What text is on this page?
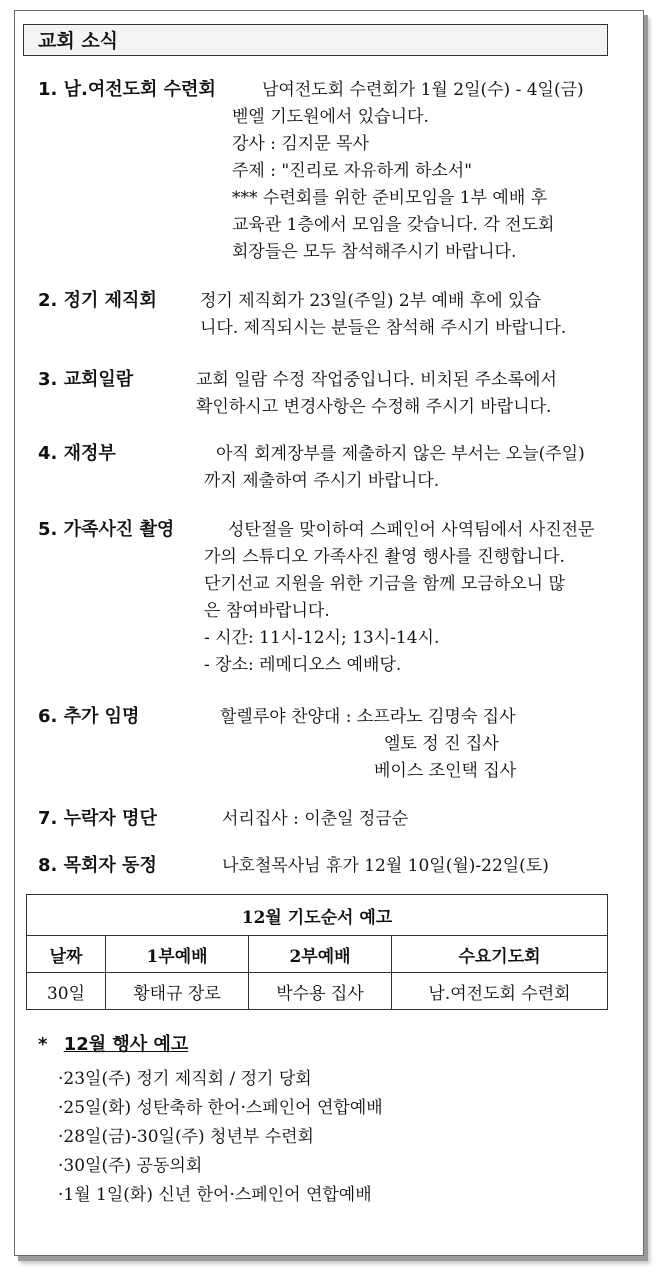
교회 소식
1. 남.여전도회 수련회	남여전도회 수련회가 1월 2일(수) - 4일(금)
벧엘 기도원에서 있습니다.
강사 : 김지문 목사
주제 : "진리로 자유하게 하소서"
*** 수련회를 위한 준비모임을 1부 예배 후
교육관 1층에서 모임을 갖습니다. 각 전도회
회장들은 모두 참석해주시기 바랍니다.
2. 정기 제직회	정기 제직회가 23일(주일) 2부 예배 후에 있습
니다. 제직되시는 분들은 참석해 주시기 바랍니다.
3. 교회일람	교회 일람 수정 작업중입니다. 비치된 주소록에서
확인하시고 변경사항은 수정해 주시기 바랍니다.
4. 재정부	아직 회계장부를 제출하지 않은 부서는 오늘(주일)
까지 제출하여 주시기 바랍니다.
5. 가족사진 촬영	성탄절을 맞이하여 스페인어 사역팀에서 사진전문
가의 스튜디오 가족사진 촬영 행사를 진행합니다.
단기선교 지원을 위한 기금을 함께 모금하오니 많
은 참여바랍니다.
- 시간: 11시-12시; 13시-14시.
- 장소: 레메디오스 예배당.
6. 추가 임명	할렐루야 찬양대 : 소프라노 김명숙 집사
엘토 정 진 집사
베이스 조인택 집사
7. 누락자 명단	서리집사 : 이춘일 정금순
8. 목회자 동정	나호철목사님 휴가 12월 10일(월)-22일(토)
12월 기도순서 예고			
날짜	1부예배	2부예배	수요기도회
30일	황태규 장로	박수용 집사	남.여전도회 수련회
* 12월 행사 예고
·23일(주) 정기 제직회 / 정기 당회
·25일(화) 성탄축하 한어·스페인어 연합예배
·28일(금)-30일(주) 청년부 수련회
·30일(주) 공동의회
·1월 1일(화) 신년 한어·스페인어 연합예배
